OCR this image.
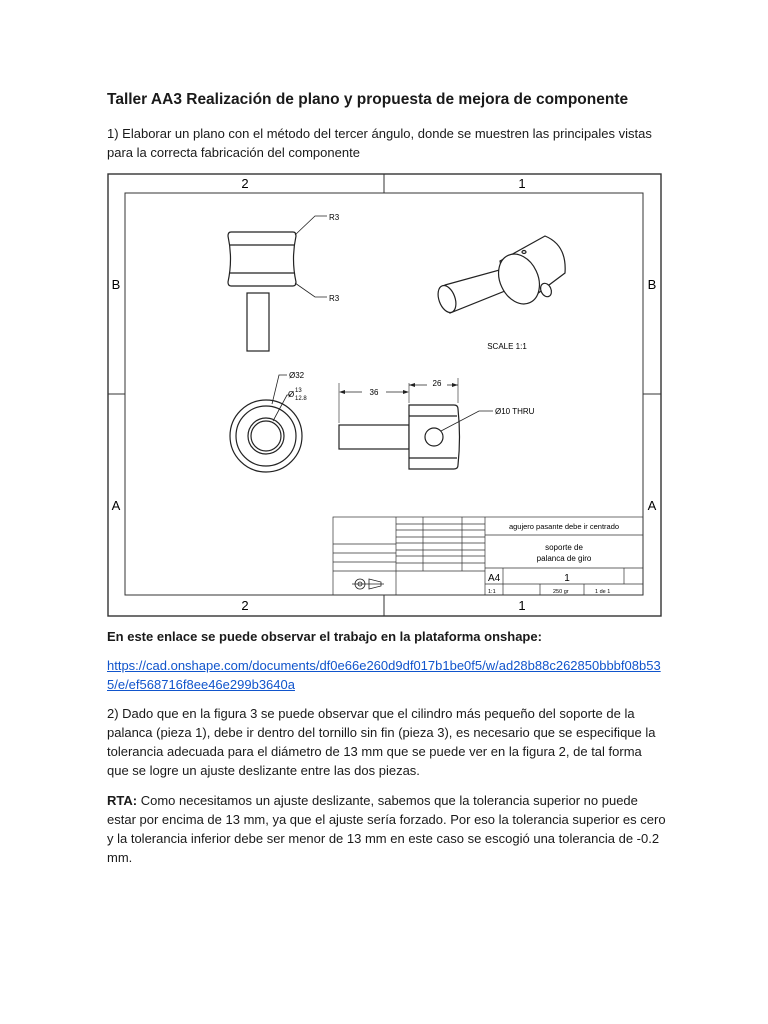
Taller AA3 Realización de plano y propuesta de mejora de componente
1) Elaborar un plano con el método del tercer ángulo, donde se muestren las principales vistas
para la correcta fabricación del componente
2	1
2	1
B
A
B
A
R3
R3
SCALE 1:1
Ø32
Ø 13
12.8
36
26
Ø10 THRU
agujero pasante debe ir centrado
soporte de
palanca de giro
A4	1
1:1	250 gr	1 de 1
En este enlace se puede observar el trabajo en la plataforma onshape:
https://cad.onshape.com/documents/df0e66e260d9df017b1be0f5/w/ad28b88c262850bbbf08b535/e/ef568716f8ee46e299b3640a
2) Dado que en la figura 3 se puede observar que el cilindro más pequeño del soporte de la palanca (pieza 1), debe ir dentro del tornillo sin fin (pieza 3), es necesario que se especifique la tolerancia adecuada para el diámetro de 13 mm que se puede ver en la figura 2, de tal forma que se logre un ajuste deslizante entre las dos piezas.
RTA: Como necesitamos un ajuste deslizante, sabemos que la tolerancia superior no puede estar por encima de 13 mm, ya que el ajuste sería forzado. Por eso la tolerancia superior es cero y la tolerancia inferior debe ser menor de 13 mm en este caso se escogió una tolerancia de -0.2 mm.
